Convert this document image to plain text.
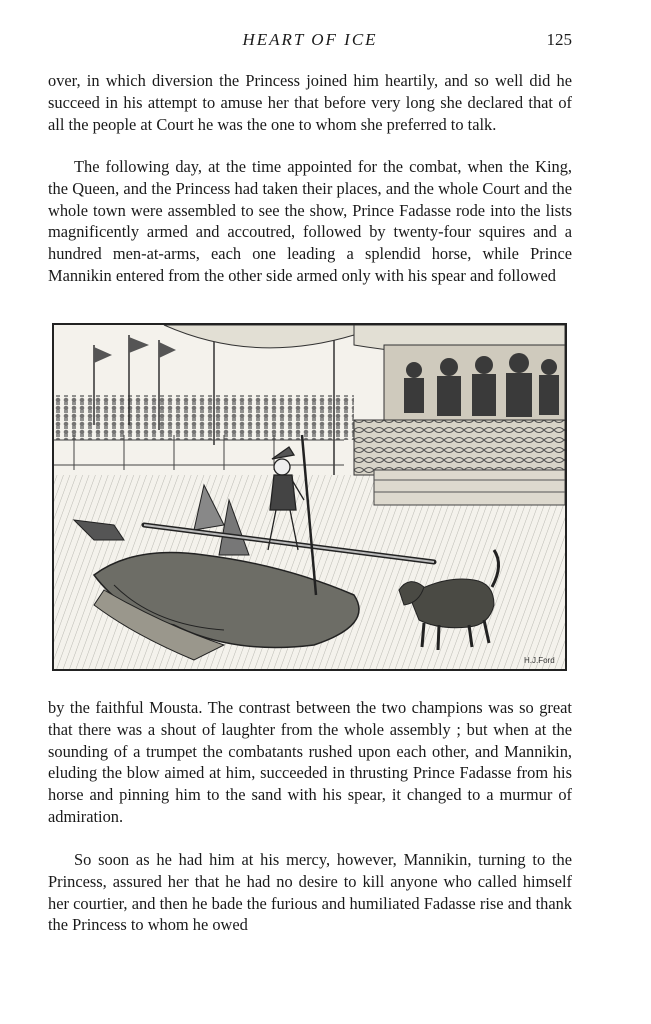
HEART OF ICE	125

over, in which diversion the Princess joined him heartily, and so well did he succeed in his attempt to amuse her that before very long she declared that of all the people at Court he was the one to whom she preferred to talk.

The following day, at the time appointed for the combat, when the King, the Queen, and the Princess had taken their places, and the whole Court and the whole town were assembled to see the show, Prince Fadasse rode into the lists magnificently armed and accoutred, followed by twenty-four squires and a hundred men-at-arms, each one leading a splendid horse, while Prince Mannikin entered from the other side armed only with his spear and followed

H.J.Ford

by the faithful Mousta. The contrast between the two champions was so great that there was a shout of laughter from the whole assembly ; but when at the sounding of a trumpet the combatants rushed upon each other, and Mannikin, eluding the blow aimed at him, succeeded in thrusting Prince Fadasse from his horse and pinning him to the sand with his spear, it changed to a murmur of admiration.

So soon as he had him at his mercy, however, Mannikin, turning to the Princess, assured her that he had no desire to kill anyone who called himself her courtier, and then he bade the furious and humiliated Fadasse rise and thank the Princess to whom he owed
